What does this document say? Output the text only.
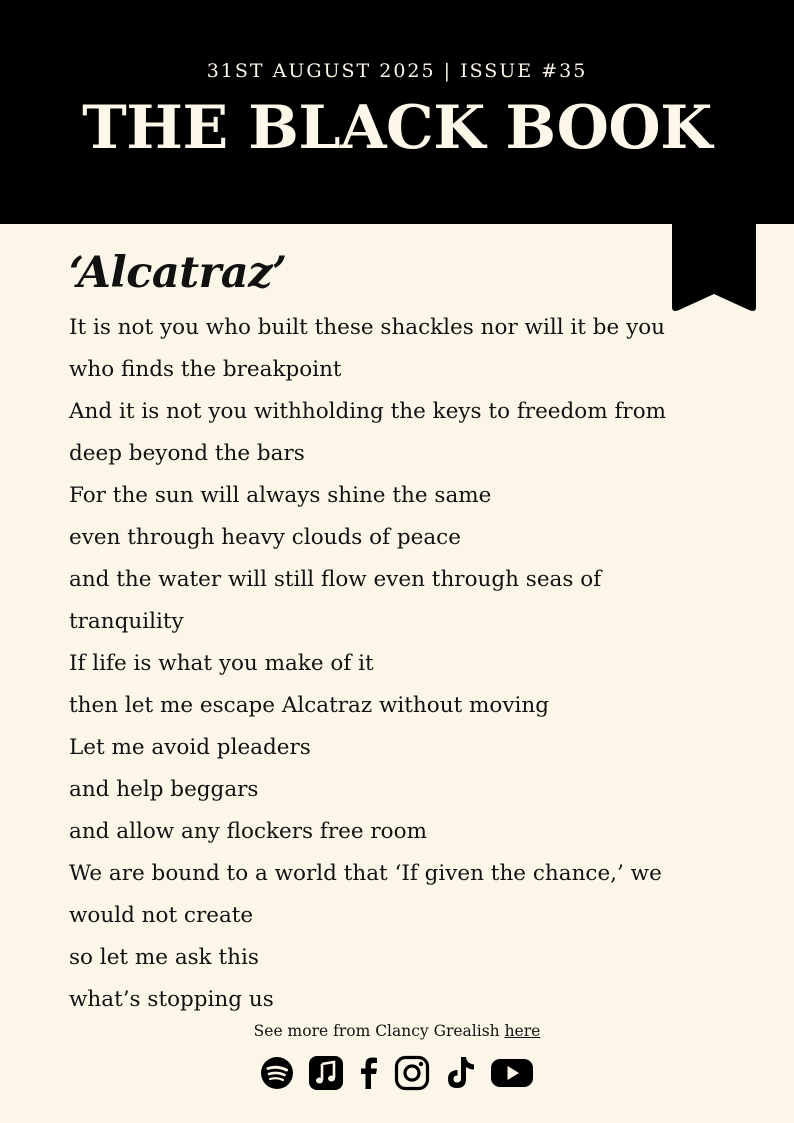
31ST AUGUST 2025 | ISSUE #35
THE BLACK BOOK
‘Alcatraz’
It is not you who built these shackles nor will it be you
who finds the breakpoint
And it is not you withholding the keys to freedom from
deep beyond the bars
For the sun will always shine the same
even through heavy clouds of peace
and the water will still flow even through seas of
tranquility
If life is what you make of it
then let me escape Alcatraz without moving
Let me avoid pleaders
and help beggars
and allow any flockers free room
We are bound to a world that ‘If given the chance,’ we
would not create
so let me ask this
what’s stopping us
See more from Clancy Grealish here
